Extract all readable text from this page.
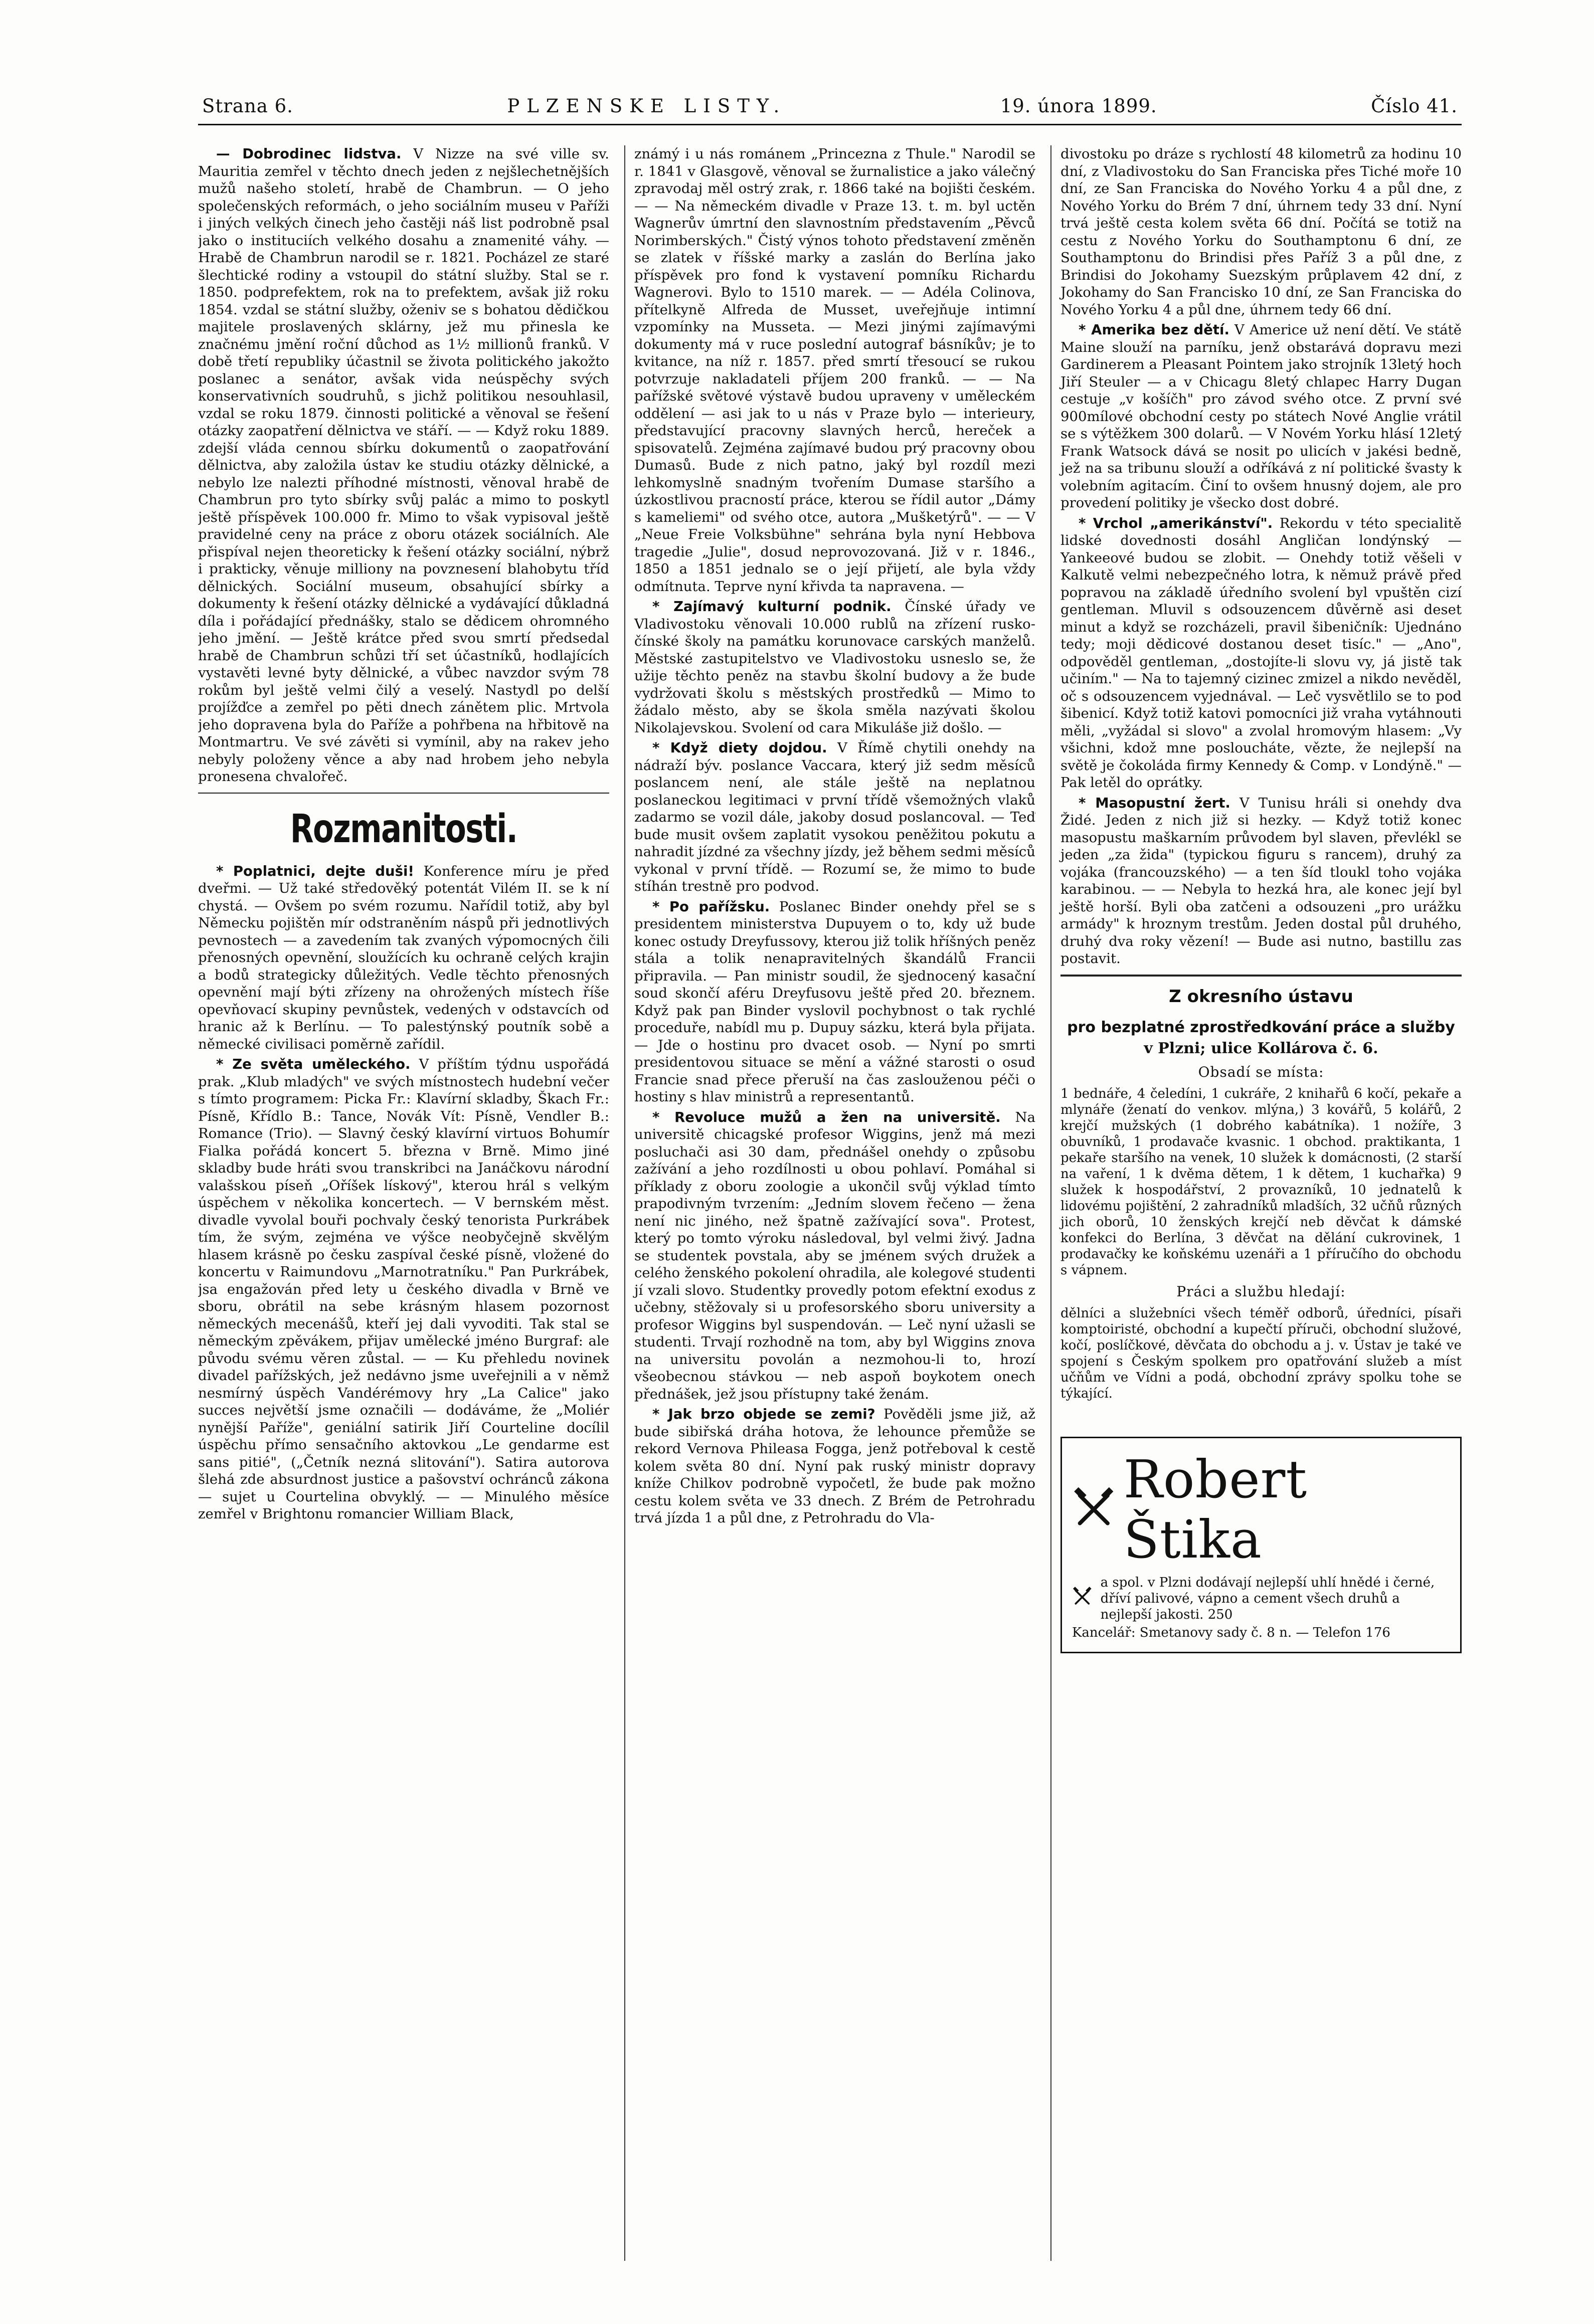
Strana 6.	PLZENSKE LISTY.	19. února 1899.	Číslo 41.

— Dobrodinec lidstva. V Nizze na své ville sv. Mauritia zemřel v těchto dnech jeden z nejšlechetnějších mužů našeho století, hrabě de Chambrun. — O jeho společenských reformách, o jeho sociálním museu v Paříži i jiných velkých činech jeho častěji náš list podrobně psal jako o instituciích velkého dosahu a znamenité váhy. — Hrabě de Chambrun narodil se r. 1821. Pocházel ze staré šlechtické rodiny a vstoupil do státní služby. Stal se r. 1850. podprefektem, rok na to prefektem, avšak již roku 1854. vzdal se státní služby, oženiv se s bohatou dědičkou majitele proslavených sklárny, jež mu přinesla ke značnému jmění roční důchod as 1½ millionů franků. V době třetí republiky účastnil se života politického jakožto poslanec a senátor, avšak vida neúspěchy svých konservativních soudruhů, s jichž politikou nesouhlasil, vzdal se roku 1879. činnosti politické a věnoval se řešení otázky zaopatření dělnictva ve stáří. — — Když roku 1889. zdejší vláda cennou sbírku dokumentů o zaopatřování dělnictva, aby založila ústav ke studiu otázky dělnické, a nebylo lze nalezti příhodné místnosti, věnoval hrabě de Chambrun pro tyto sbírky svůj palác a mimo to poskytl ještě příspěvek 100.000 fr. Mimo to však vypisoval ještě pravidelné ceny na práce z oboru otázek sociálních. Ale přispíval nejen theoreticky k řešení otázky sociální, nýbrž i prakticky, věnuje milliony na povznesení blahobytu tříd dělnických. Sociální museum, obsahující sbírky a dokumenty k řešení otázky dělnické a vydávající důkladná díla i pořádající přednášky, stalo se dědicem ohromného jeho jmění. — Ještě krátce před svou smrtí předsedal hrabě de Chambrun schůzi tří set účastníků, hodlajících vystavěti levné byty dělnické, a vůbec navzdor svým 78 rokům byl ještě velmi čilý a veselý. Nastydl po delší projížďce a zemřel po pěti dnech zánětem plic. Mrtvola jeho dopravena byla do Paříže a pohřbena na hřbitově na Montmartru. Ve své závěti si vymínil, aby na rakev jeho nebyly položeny věnce a aby nad hrobem jeho nebyla pronesena chvalořeč.

Rozmanitosti.

* Poplatnici, dejte duši! Konference míru je před dveřmi. — Už také středověký potentát Vilém II. se k ní chystá. — Ovšem po svém rozumu. Nařídil totiž, aby byl Německu pojištěn mír odstraněním náspů při jednotlivých pevnostech — a zavedením tak zvaných výpomocných čili přenosných opevnění, sloužících ku ochraně celých krajin a bodů strategicky důležitých. Vedle těchto přenosných opevnění mají býti zřízeny na ohrožených místech říše opevňovací skupiny pevnůstek, vedených v odstavcích od hranic až k Berlínu. — To palestýnský poutník sobě a německé civilisaci poměrně zařídil.

* Ze světa uměleckého. V příštím týdnu uspořádá prak. „Klub mladých" ve svých místnostech hudební večer s tímto programem: Picka Fr.: Klavírní skladby, Škach Fr.: Písně, Křídlo B.: Tance, Novák Vít: Písně, Vendler B.: Romance (Trio). — Slavný český klavírní virtuos Bohumír Fialka pořádá koncert 5. března v Brně. Mimo jiné skladby bude hráti svou transkribci na Janáčkovu národní valašskou píseň „Oříšek lískový", kterou hrál s velkým úspěchem v několika koncertech. — V bernském měst. divadle vyvolal bouři pochvaly český tenorista Purkrábek tím, že svým, zejména ve výšce neobyčejně skvělým hlasem krásně po česku zaspíval české písně, vložené do koncertu v Raimundovu „Marnotratníku." Pan Purkrábek, jsa engažován před lety u českého divadla v Brně ve sboru, obrátil na sebe krásným hlasem pozornost německých mecenášů, kteří jej dali vyvoditi. Tak stal se německým zpěvákem, přijav umělecké jméno Burgraf: ale původu svému věren zůstal. — — Ku přehledu novinek divadel pařížských, jež nedávno jsme uveřejnili a v němž nesmírný úspěch Vandérémovy hry „La Calice" jako succes největší jsme označili — dodáváme, že „Moliér nynější Paříže", geniální satirik Jiří Courteline docílil úspěchu přímo sensačního aktovkou „Le gendarme est sans pitié", („Četník nezná slitování"). Satira autorova šlehá zde absurdnost justice a pašovství ochránců zákona — sujet u Courtelina obvyklý. — — Minulého měsíce zemřel v Brightonu romancier William Black,

známý i u nás románem „Princezna z Thule." Narodil se r. 1841 v Glasgově, věnoval se žurnalistice a jako válečný zpravodaj měl ostrý zrak, r. 1866 také na bojišti českém. — — Na německém divadle v Praze 13. t. m. byl uctěn Wagnerův úmrtní den slavnostním představením „Pěvců Norimberských." Čistý výnos tohoto představení změněn se zlatek v říšské marky a zaslán do Berlína jako příspěvek pro fond k vystavení pomníku Richardu Wagnerovi. Bylo to 1510 marek. — — Adéla Colinova, přítelkyně Alfreda de Musset, uveřejňuje intimní vzpomínky na Musseta. — Mezi jinými zajímavými dokumenty má v ruce poslední autograf básníkův; je to kvitance, na níž r. 1857. před smrtí třesoucí se rukou potvrzuje nakladateli příjem 200 franků. — — Na pařížské světové výstavě budou upraveny v uměleckém oddělení — asi jak to u nás v Praze bylo — interieury, představující pracovny slavných herců, hereček a spisovatelů. Zejména zajímavé budou prý pracovny obou Dumasů. Bude z nich patno, jaký byl rozdíl mezi lehkomyslně snadným tvořením Dumase staršího a úzkostlivou pracností práce, kterou se řídil autor „Dámy s kameliemi" od svého otce, autora „Mušketýrů". — — V „Neue Freie Volksbühne" sehrána byla nyní Hebbova tragedie „Julie", dosud neprovozovaná. Již v r. 1846., 1850 a 1851 jednalo se o její přijetí, ale byla vždy odmítnuta. Teprve nyní křivda ta napravena. —

* Zajímavý kulturní podnik. Čínské úřady ve Vladivostoku věnovali 10.000 rublů na zřízení rusko-čínské školy na památku korunovace carských manželů. Městské zastupitelstvo ve Vladivostoku usneslo se, že užije těchto peněz na stavbu školní budovy a že bude vydržovati školu s městských prostředků — Mimo to žádalo město, aby se škola směla nazývati školou Nikolajevskou. Svolení od cara Mikuláše již došlo. —

* Když diety dojdou. V Římě chytili onehdy na nádraží býv. poslance Vaccara, který již sedm měsíců poslancem není, ale stále ještě na neplatnou poslaneckou legitimaci v první třídě všemožných vlaků zadarmo se vozil dále, jakoby dosud poslancoval. — Teď bude musit ovšem zaplatit vysokou peněžitou pokutu a nahradit jízdné za všechny jízdy, jež během sedmi měsíců vykonal v první třídě. — Rozumí se, že mimo to bude stíhán trestně pro podvod.

* Po pařížsku. Poslanec Binder onehdy přel se s presidentem ministerstva Dupuyem o to, kdy už bude konec ostudy Dreyfussovy, kterou již tolik hříšných peněz stála a tolik nenapravitelných škandálů Francii připravila. — Pan ministr soudil, že sjednocený kasační soud skončí aféru Dreyfusovu ještě před 20. březnem. Když pak pan Binder vyslovil pochybnost o tak rychlé proceduře, nabídl mu p. Dupuy sázku, která byla přijata. — Jde o hostinu pro dvacet osob. — Nyní po smrti presidentovou situace se mění a vážné starosti o osud Francie snad přece přeruší na čas zaslouženou péči o hostiny s hlav ministrů a representantů.

* Revoluce mužů a žen na universitě. Na universitě chicagské profesor Wiggins, jenž má mezi posluchači asi 30 dam, přednášel onehdy o způsobu zažívání a jeho rozdílnosti u obou pohlaví. Pomáhal si příklady z oboru zoologie a ukončil svůj výklad tímto prapodivným tvrzením: „Jedním slovem řečeno — žena není nic jiného, než špatně zažívající sova". Protest, který po tomto výroku následoval, byl velmi živý. Jadna se studentek povstala, aby se jménem svých družek a celého ženského pokolení ohradila, ale kolegové studenti jí vzali slovo. Studentky provedly potom efektní exodus z učebny, stěžovaly si u profesorského sboru university a profesor Wiggins byl suspendován. — Leč nyní užasli se studenti. Trvají rozhodně na tom, aby byl Wiggins znova na universitu povolán a nezmohou-li to, hrozí všeobecnou stávkou — neb aspoň boykotem onech přednášek, jež jsou přístupny také ženám.

* Jak brzo objede se zemi? Pověděli jsme již, až bude sibiřská dráha hotova, že lehounce přemůže se rekord Vernova Phileasa Fogga, jenž potřeboval k cestě kolem světa 80 dní. Nyní pak ruský ministr dopravy kníže Chilkov podrobně vypočetl, že bude pak možno cestu kolem světa ve 33 dnech. Z Brém de Petrohradu trvá jízda 1 a půl dne, z Petrohradu do Vla-

divostoku po dráze s rychlostí 48 kilometrů za hodinu 10 dní, z Vladivostoku do San Franciska přes Tiché moře 10 dní, ze San Franciska do Nového Yorku 4 a půl dne, z Nového Yorku do Brém 7 dní, úhrnem tedy 33 dní. Nyní trvá ještě cesta kolem světa 66 dní. Počítá se totiž na cestu z Nového Yorku do Southamptonu 6 dní, ze Southamptonu do Brindisi přes Paříž 3 a půl dne, z Brindisi do Jokohamy Suezským průplavem 42 dní, z Jokohamy do San Francisko 10 dní, ze San Franciska do Nového Yorku 4 a půl dne, úhrnem tedy 66 dní.

* Amerika bez dětí. V Americe už není dětí. Ve státě Maine slouží na parníku, jenž obstarává dopravu mezi Gardinerem a Pleasant Pointem jako strojník 13letý hoch Jiří Steuler — a v Chicagu 8letý chlapec Harry Dugan cestuje „v košíčh" pro závod svého otce. Z první své 900mílové obchodní cesty po státech Nové Anglie vrátil se s výtěžkem 300 dolarů. — V Novém Yorku hlásí 12letý Frank Watsock dává se nosit po ulicích v jakési bedně, jež na sa tribunu slouží a odříkává z ní politické švasty k volebním agitacím. Činí to ovšem hnusný dojem, ale pro provedení politiky je všecko dost dobré.

* Vrchol „amerikánství". Rekordu v této specialitě lidské dovednosti dosáhl Angličan londýnský — Yankeeové budou se zlobit. — Onehdy totiž věšeli v Kalkutě velmi nebezpečného lotra, k němuž právě před popravou na základě úředního svolení byl vpuštěn cizí gentleman. Mluvil s odsouzencem důvěrně asi deset minut a když se rozcházeli, pravil šibeničník: Ujednáno tedy; moji dědicové dostanou deset tisíc." — „Ano", odpověděl gentleman, „dostojíte-li slovu vy, já jistě tak učiním." — Na to tajemný cizinec zmizel a nikdo nevěděl, oč s odsouzencem vyjednával. — Leč vysvětlilo se to pod šibenicí. Když totiž katovi pomocníci již vraha vytáhnouti měli, „vyžádal si slovo" a zvolal hromovým hlasem: „Vy všichni, kdož mne posloucháte, vězte, že nejlepší na světě je čokoláda firmy Kennedy & Comp. v Londýně." — Pak letěl do oprátky.

* Masopustní žert. V Tunisu hráli si onehdy dva Židé. Jeden z nich již si hezky. — Když totiž konec masopustu maškarním průvodem byl slaven, převlékl se jeden „za žida" (typickou figuru s rancem), druhý za vojáka (francouzského) — a ten šíd tloukl toho vojáka karabinou. — — Nebyla to hezká hra, ale konec její byl ještě horší. Byli oba zatčeni a odsouzeni „pro urážku armády" k hroznym trestům. Jeden dostal půl druhého, druhý dva roky vězení! — Bude asi nutno, bastillu zas postavit.

Z okresního ústavu
pro bezplatné zprostředkování práce a služby
v Plzni; ulice Kollárova č. 6.
Obsadí se místa:
1 bednáře, 4 čeledíni, 1 cukráře, 2 knihařů 6 kočí, pekaře a mlynáře (ženatí do venkov. mlýna,) 3 kovářů, 5 kolářů, 2 krejčí mužských (1 dobrého kabátníka). 1 nožíře, 3 obuvníků, 1 prodavače kvasnic. 1 obchod. praktikanta, 1 pekaře staršího na venek, 10 služek k domácnosti, (2 starší na vaření, 1 k dvěma dětem, 1 k dětem, 1 kuchařka) 9 služek k hospodářství, 2 provazníků, 10 jednatelů k lidovému pojištění, 2 zahradníků mladších, 32 učňů různých jich oborů, 10 ženských krejčí neb děvčat k dámské konfekci do Berlína, 3 děvčat na dělání cukrovinek, 1 prodavačky ke koňskému uzenáři a 1 příručího do obchodu s vápnem.
Práci a službu hledají:
dělníci a služebníci všech téměř odborů, úředníci, písaři komptoiristé, obchodní a kupečtí příruči, obchodní služové, kočí, poslíčkové, děvčata do obchodu a j. v. Ústav je také ve spojení s Českým spolkem pro opatřování služeb a míst učňům ve Vídni a podá, obchodní zprávy spolku tohe se týkající.
Robert Štika
a spol. v Plzni dodávají nejlepší uhlí hnědé i černé, dříví palivové, vápno a cement všech druhů a nejlepší jakosti. 250
Kancelář: Smetanovy sady č. 8 n. — Telefon 176
